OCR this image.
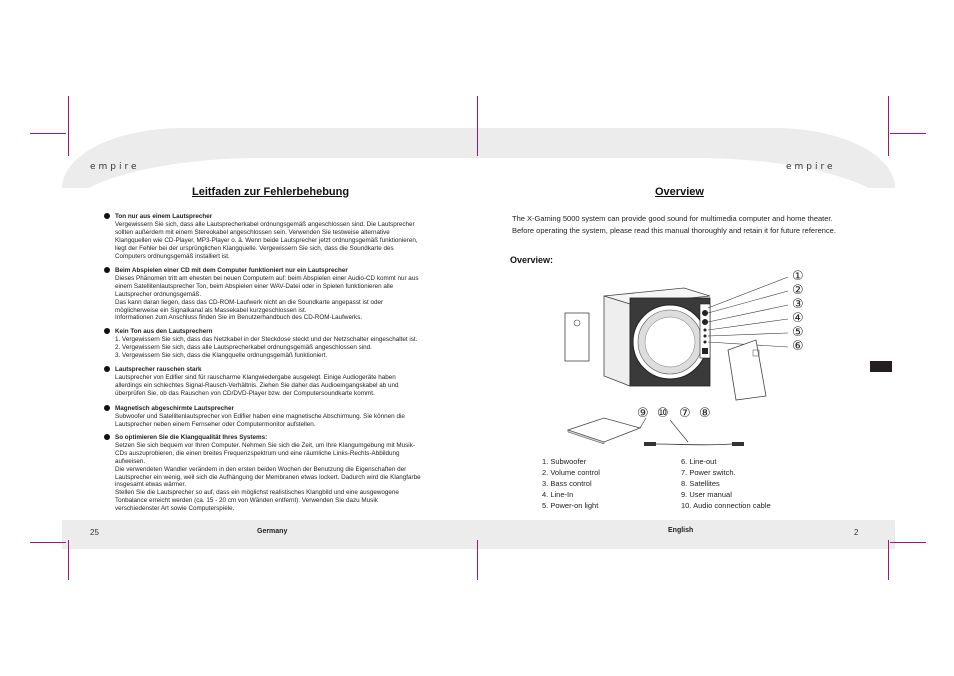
empire
Leitfaden zur Fehlerbehebung
Ton nur aus einem Lautsprecher
Vergewissern Sie sich, dass alle Lautsprecherkabel ordnungsgemäß angeschlossen sind. Die Lautsprecher
sollten außerdem mit einem Stereokabel angeschlossen sein. Verwenden Sie testweise alternative
Klangquellen wie CD-Player, MP3-Player o. ä. Wenn beide Lautsprecher jetzt ordnungsgemäß funktionieren,
liegt der Fehler bei der ursprünglichen Klangquelle. Vergewissern Sie sich, dass die Soundkarte des
Computers ordnungsgemäß installiert ist.
Beim Abspielen einer CD mit dem Computer funktioniert nur ein Lautsprecher
Dieses Phänomen tritt am ehesten bei neuen Computern auf: beim Abspielen einer Audio-CD kommt nur aus
einem Satellitenlautsprecher Ton, beim Abspielen einer WAV-Datei oder in Spielen funktionieren alle
Lautsprecher ordnungsgemäß.
Das kann daran liegen, dass das CD-ROM-Laufwerk nicht an die Soundkarte angepasst ist oder
möglicherweise ein Signalkanal als Massekabel kurzgeschlossen ist.
Informationen zum Anschluss finden Sie im Benutzerhandbuch des CD-ROM-Laufwerks.
Kein Ton aus den Lautsprechern
1. Vergewissern Sie sich, dass das Netzkabel in der Steckdose steckt und der Netzschalter eingeschaltet ist.
2. Vergewissern Sie sich, dass alle Lautsprecherkabel ordnungsgemäß angeschlossen sind.
3. Vergewissern Sie sich, dass die Klangquelle ordnungsgemäß funktioniert.
Lautsprecher rauschen stark
Lautsprecher von Edifier sind für rauscharme Klangwiedergabe ausgelegt. Einige Audiogeräte haben
allerdings ein schlechtes Signal-Rausch-Verhältnis. Ziehen Sie daher das Audioeingangskabel ab und
überprüfen Sie, ob das Rauschen von CD/DVD-Player bzw. der Computersoundkarte kommt.
Magnetisch abgeschirmte Lautsprecher
Subwoofer und Satellitenlautsprecher von Edifier haben eine magnetische Abschirmung. Sie können die
Lautsprecher neben einem Fernseher oder Computermonitor aufstellen.
So optimieren Sie die Klangqualität Ihres Systems:
Setzen Sie sich bequem vor Ihren Computer. Nehmen Sie sich die Zeit, um Ihre Klangumgebung mit Musik-
CDs auszuprobieren, die einen breites Frequenzspektrum und eine räumliche Links-Rechts-Abbildung
aufweisen.
Die verwendeten Wandler verändern in den ersten beiden Wochen der Benutzung die Eigenschaften der
Lautsprecher ein wenig, weil sich die Aufhängung der Membranen etwas lockert. Dadurch wird die Klangfarbe
insgesamt etwas wärmer.
Stellen Sie die Lautsprecher so auf, dass ein möglichst realistisches Klangbild und eine ausgewogene
Tonbalance erreicht werden (ca. 15 - 20 cm von Wänden entfernt). Verwenden Sie dazu Musik
verschiedenster Art sowie Computerspiele.
25	Germany
empire
Overview
The X-Gaming 5000 system can provide good sound for multimedia computer and home theater. Before operating the system, please read this manual thoroughly and retain it for future reference.
Overview:
①
②
③
④
⑤
⑥
⑨ ⑩ ⑦ ⑧
1. Subwoofer
2. Volume control
3. Bass control
4. Line-In
5. Power-on light
6. Line-out
7. Power switch.
8. Satellites
9. User manual
10. Audio connection cable
English	2
